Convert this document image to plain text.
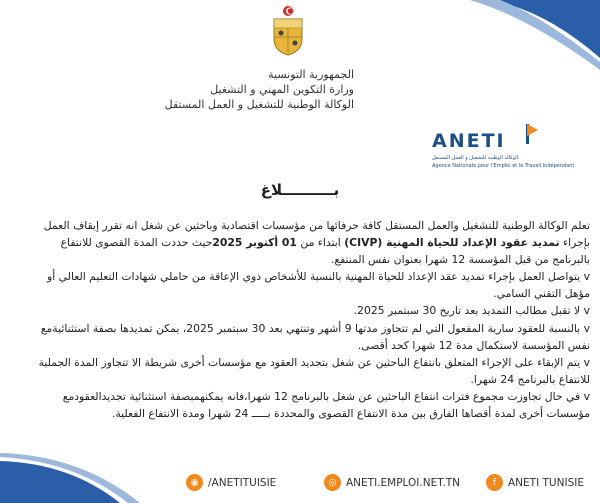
الجمهورية التونسية
وزارة التكوين المهني و التشغيل
الوكالة الوطنية للتشغيل و العمل المستقل
ANETI
الوكالة الوطنية للتشغيل و العمل المستقل
Agence Nationale pour l'Emploi et le Travail Indépendant
بــــــــــلاغ

تعلم الوكالة الوطنية للتشغيل والعمل المستقل كافة حرفائها من مؤسسات اقتصادية وباحثين عن شغل انه تقرر إيقاف العمل بإجراء تمديد عقود الإعداد للحياة المهنية (CIVP) ابتداء من 01 أكتوبر 2025حيث حددت المدة القصوى للانتفاع بالبرنامج من قبل المؤسسة 12 شهرا بعنوان نفس المنتفع.

v يتواصل العمل بإجراء تمديد عقد الإعداد للحياة المهنية بالنسبة للأشخاص ذوي الإعاقة من حاملي شهادات التعليم العالي أو مؤهل التقني السامي.

v لا تقبل مطالب التمديد بعد تاريخ 30 سبتمبر 2025.

v بالنسبة للعقود سارية المفعول التي لم تتجاوز مدتها 9 أشهر وتنتهي بعد 30 سبتمبر 2025، يمكن تمديدها بصفة استثنائيةمع نفس المؤسسة لاستكمال مدة 12 شهرا كحد أقصى.

v يتم الإبقاء على الإجراء المتعلق بانتفاع الباحثين عن شغل بتجديد العقود مع مؤسسات أخرى شريطة الا تتجاوز المدة الجملية للانتفاع بالبرنامج 24 شهرا.

v في حال تجاوزت مجموع فترات انتفاع الباحثين عن شغل بالبرنامج 12 شهرا،فانه يمكنهمبصفة استثنائية تجديدالعقودمع مؤسسات أخرى لمدة أقصاها الفارق بين مدة الانتفاع القصوى والمحددة بـــــ 24 شهرا ومدة الانتفاع الفعلية.

◉ /ANETITUISIE	◎ ANETI.EMPLOI.NET.TN	f	ANETI TUNISIE
